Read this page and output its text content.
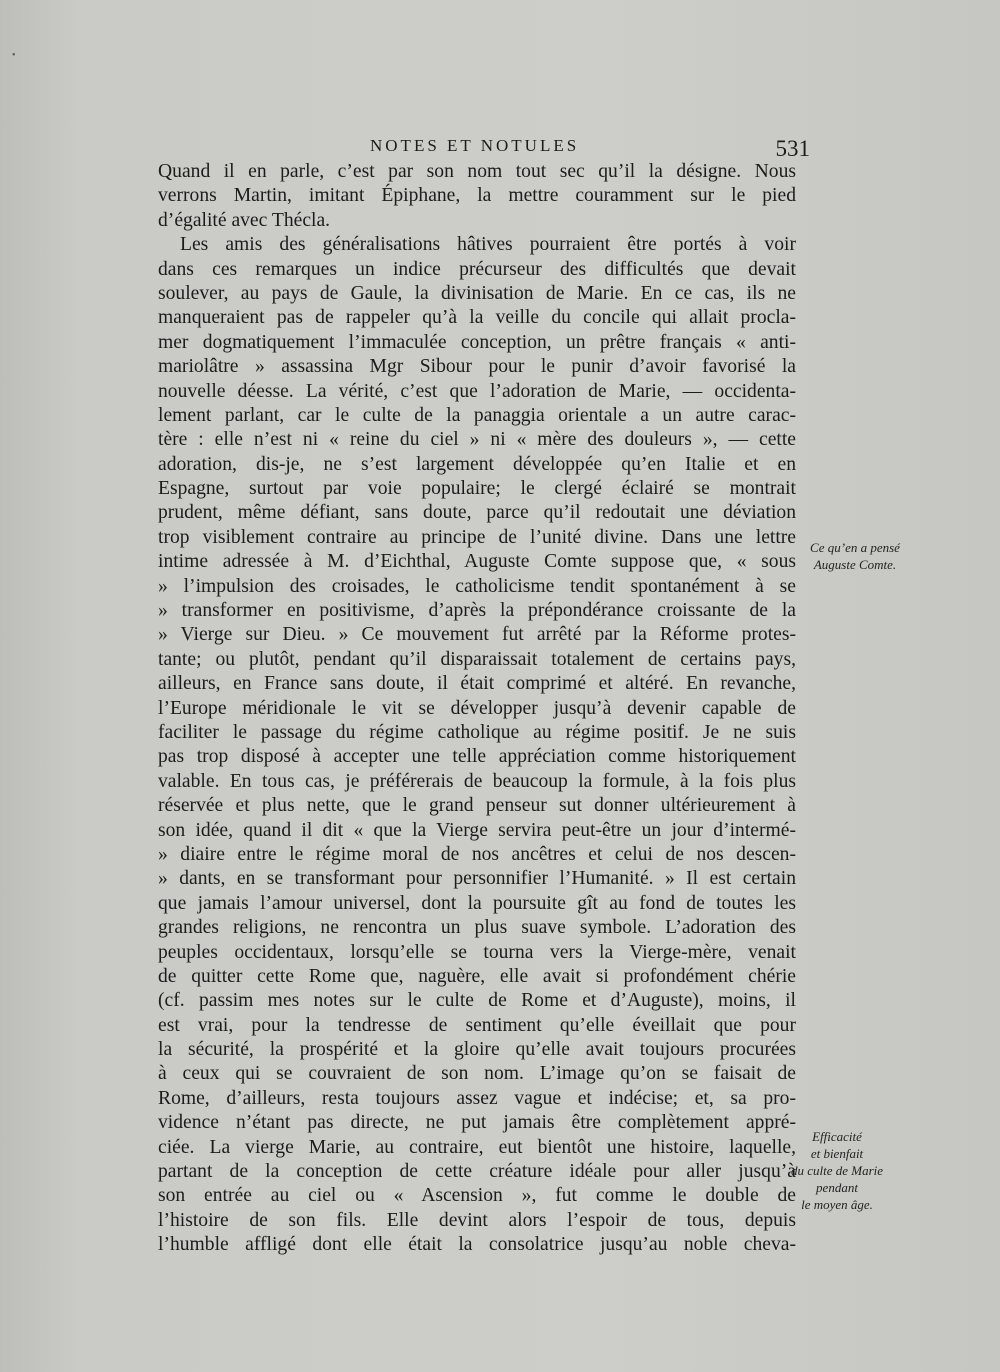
•
NOTES ET NOTULES	531
Quand il en parle, c’est par son nom tout sec qu’il la désigne. Nous
verrons Martin, imitant Épiphane, la mettre couramment sur le pied
d’égalité avec Thécla.
Les amis des généralisations hâtives pourraient être portés à voir
dans ces remarques un indice précurseur des difficultés que devait
soulever, au pays de Gaule, la divinisation de Marie. En ce cas, ils ne
manqueraient pas de rappeler qu’à la veille du concile qui allait procla-
mer dogmatiquement l’immaculée conception, un prêtre français « anti-
mariolâtre » assassina Mgr Sibour pour le punir d’avoir favorisé la
nouvelle déesse. La vérité, c’est que l’adoration de Marie, — occidenta-
lement parlant, car le culte de la panaggia orientale a un autre carac-
tère : elle n’est ni « reine du ciel » ni « mère des douleurs », — cette
adoration, dis-je, ne s’est largement développée qu’en Italie et en
Espagne, surtout par voie populaire; le clergé éclairé se montrait
prudent, même défiant, sans doute, parce qu’il redoutait une déviation
trop visiblement contraire au principe de l’unité divine. Dans une lettre
intime adressée à M. d’Eichthal, Auguste Comte suppose que, « sous
» l’impulsion des croisades, le catholicisme tendit spontanément à se
» transformer en positivisme, d’après la prépondérance croissante de la
» Vierge sur Dieu. » Ce mouvement fut arrêté par la Réforme protes-
tante; ou plutôt, pendant qu’il disparaissait totalement de certains pays,
ailleurs, en France sans doute, il était comprimé et altéré. En revanche,
l’Europe méridionale le vit se développer jusqu’à devenir capable de
faciliter le passage du régime catholique au régime positif. Je ne suis
pas trop disposé à accepter une telle appréciation comme historiquement
valable. En tous cas, je préférerais de beaucoup la formule, à la fois plus
réservée et plus nette, que le grand penseur sut donner ultérieurement à
son idée, quand il dit « que la Vierge servira peut-être un jour d’intermé-
» diaire entre le régime moral de nos ancêtres et celui de nos descen-
» dants, en se transformant pour personnifier l’Humanité. » Il est certain
que jamais l’amour universel, dont la poursuite gît au fond de toutes les
grandes religions, ne rencontra un plus suave symbole. L’adoration des
peuples occidentaux, lorsqu’elle se tourna vers la Vierge-mère, venait
de quitter cette Rome que, naguère, elle avait si profondément chérie
(cf. passim mes notes sur le culte de Rome et d’Auguste), moins, il
est vrai, pour la tendresse de sentiment qu’elle éveillait que pour
la sécurité, la prospérité et la gloire qu’elle avait toujours procurées
à ceux qui se couvraient de son nom. L’image qu’on se faisait de
Rome, d’ailleurs, resta toujours assez vague et indécise; et, sa pro-
vidence n’étant pas directe, ne put jamais être complètement appré-
ciée. La vierge Marie, au contraire, eut bientôt une histoire, laquelle,
partant de la conception de cette créature idéale pour aller jusqu’à
son entrée au ciel ou « Ascension », fut comme le double de
l’histoire de son fils. Elle devint alors l’espoir de tous, depuis
l’humble affligé dont elle était la consolatrice jusqu’au noble cheva-
Ce qu’en a pensé
Auguste Comte.
Efficacité
et bienfait
du culte de Marie
pendant
le moyen âge.
